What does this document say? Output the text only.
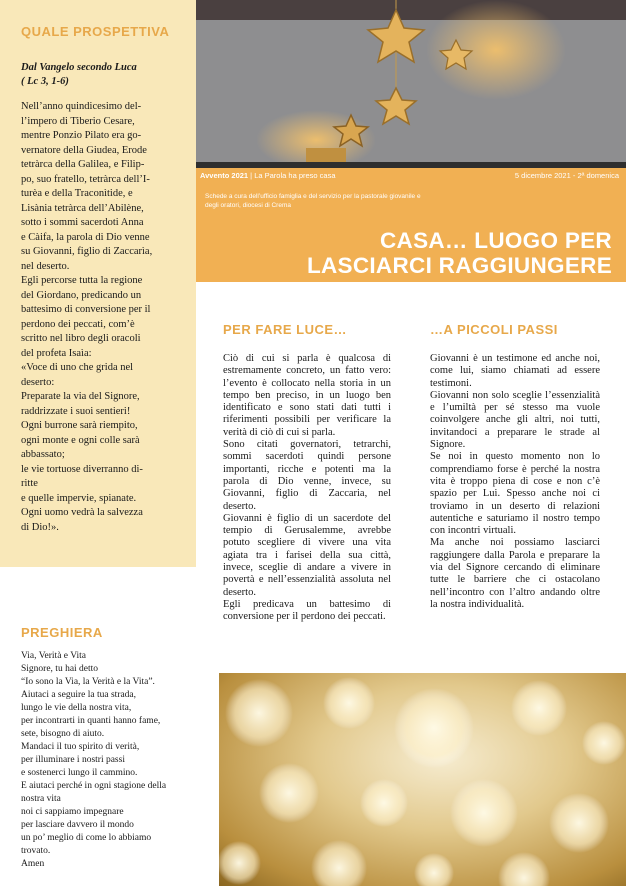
QUALE PROSPETTIVA
Dal Vangelo secondo Luca
( Lc 3, 1-6)
Nell’anno quindicesimo del-
l’impero di Tiberio Cesare,
mentre Ponzio Pilato era go-
vernatore della Giudea, Erode
tetràrca della Galilea, e Filip-
po, suo fratello, tetràrca dell’I-
turèa e della Traconìtide, e
Lisània tetràrca dell’Abilène,
sotto i sommi sacerdoti Anna
e Càifa, la parola di Dio venne
su Giovanni, figlio di Zaccarìa,
nel deserto.
Egli percorse tutta la regione
del Giordano, predicando un
battesimo di conversione per il
perdono dei peccati, com’è
scritto nel libro degli oracoli
del profeta Isaìa:
«Voce di uno che grida nel
deserto:
Preparate la via del Signore,
raddrizzate i suoi sentieri!
Ogni burrone sarà riempito,
ogni monte e ogni colle sarà
abbassato;
le vie tortuose diverranno di-
ritte
e quelle impervie, spianate.
Ogni uomo vedrà la salvezza
di Dio!».
PREGHIERA
Via, Verità e Vita
Signore, tu hai detto
“Io sono la Via, la Verità e la Vita”.
Aiutaci a seguire la tua strada,
lungo le vie della nostra vita,
per incontrarti in quanti hanno fame,
sete, bisogno di aiuto.
Mandaci il tuo spirito di verità,
per illuminare i nostri passi
e sostenerci lungo il cammino.
E aiutaci perché in ogni stagione della
nostra vita
noi ci sappiamo impegnare
per lasciare davvero il mondo
un po’ meglio di come lo abbiamo
trovato.
Amen
Avvento 2021 | La Parola ha preso casa	5 dicembre 2021 - 2ª domenica
Schede a cura dell’ufficio famiglia e del servizio per la pastorale giovanile e degli oratori, diocesi di Crema
CASA… LUOGO PER
LASCIARCI RAGGIUNGERE
PER FARE LUCE…	…A PICCOLI PASSI
Ciò di cui si parla è qualcosa di estremamente concreto, un fatto vero: l’evento è collocato nella storia in un tempo ben preciso, in un luogo ben identificato e sono stati dati tutti i riferimenti possibili per verificare la verità di ciò di cui si parla.
Sono citati governatori, tetrarchi, sommi sacerdoti quindi persone importanti, ricche e potenti ma la parola di Dio venne, invece, su Giovanni, figlio di Zaccaria, nel deserto.
Giovanni è figlio di un sacerdote del tempio di Gerusalemme, avrebbe potuto scegliere di vivere una vita agiata tra i farisei della sua città, invece, sceglie di andare a vivere in povertà e nell’essenzialità assoluta nel deserto.
Egli predicava un battesimo di conversione per il perdono dei peccati.
Giovanni è un testimone ed anche noi, come lui, siamo chiamati ad essere testimoni.
Giovanni non solo sceglie l’essenzialità e l’umiltà per sé stesso ma vuole coinvolgere anche gli altri, noi tutti, invitandoci a preparare le strade al Signore.
Se noi in questo momento non lo comprendiamo forse è perché la nostra vita è troppo piena di cose e non c’è spazio per Lui. Spesso anche noi ci troviamo in un deserto di relazioni autentiche e saturiamo il nostro tempo con incontri virtuali.
Ma anche noi possiamo lasciarci raggiungere dalla Parola e preparare la via del Signore cercando di eliminare tutte le barriere che ci ostacolano nell’incontro con l’altro andando oltre la nostra individualità.
